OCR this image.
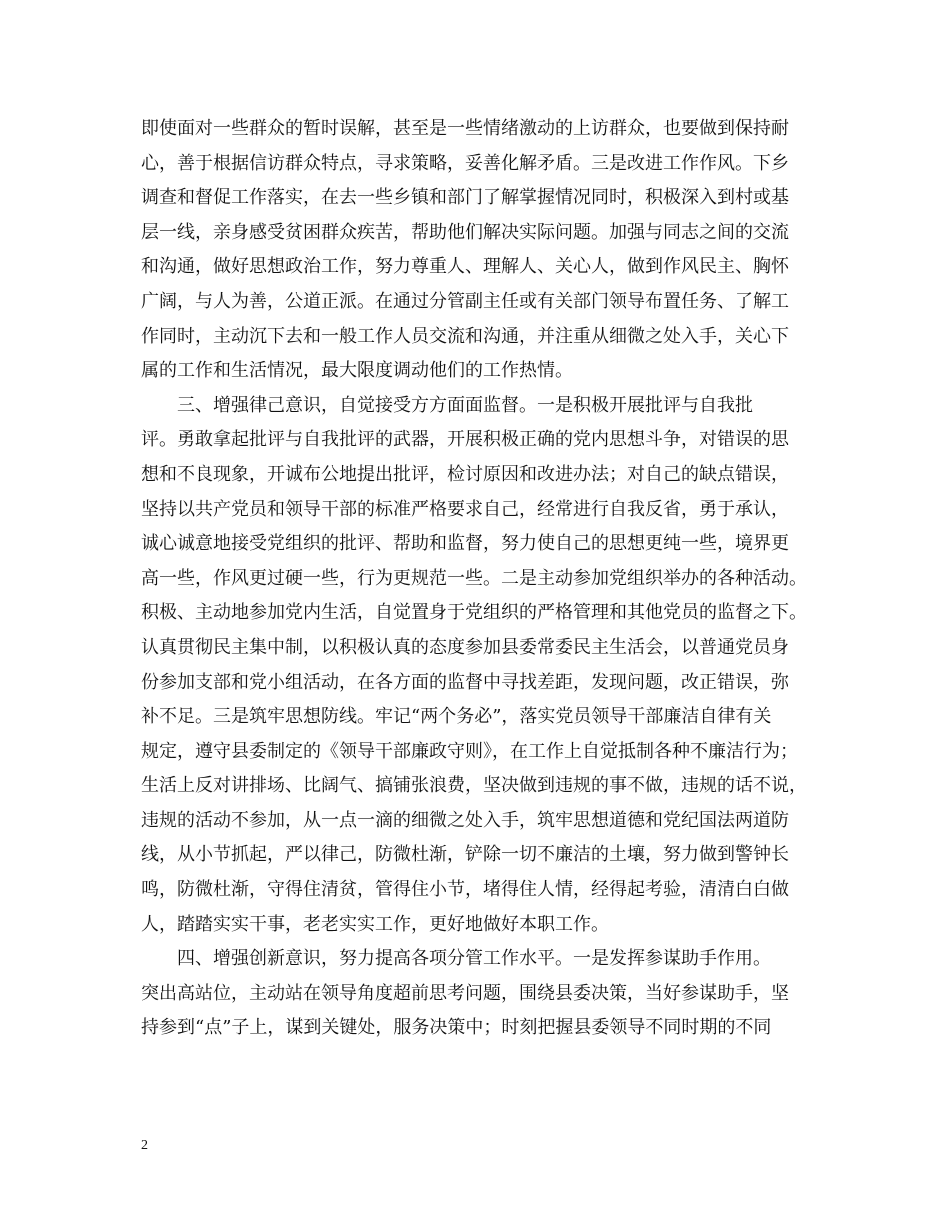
即使面对一些群众的暂时误解，甚至是一些情绪激动的上访群众，也要做到保持耐
心，善于根据信访群众特点，寻求策略，妥善化解矛盾。三是改进工作作风。下乡
调查和督促工作落实，在去一些乡镇和部门了解掌握情况同时，积极深入到村或基
层一线，亲身感受贫困群众疾苦，帮助他们解决实际问题。加强与同志之间的交流
和沟通，做好思想政治工作，努力尊重人、理解人、关心人，做到作风民主、胸怀
广阔，与人为善，公道正派。在通过分管副主任或有关部门领导布置任务、了解工
作同时，主动沉下去和一般工作人员交流和沟通，并注重从细微之处入手，关心下
属的工作和生活情况，最大限度调动他们的工作热情。
三、增强律己意识，自觉接受方方面面监督。一是积极开展批评与自我批
评。勇敢拿起批评与自我批评的武器，开展积极正确的党内思想斗争，对错误的思
想和不良现象，开诚布公地提出批评，检讨原因和改进办法；对自己的缺点错误，
坚持以共产党员和领导干部的标准严格要求自己，经常进行自我反省，勇于承认，
诚心诚意地接受党组织的批评、帮助和监督，努力使自己的思想更纯一些，境界更
高一些，作风更过硬一些，行为更规范一些。二是主动参加党组织举办的各种活动。
积极、主动地参加党内生活，自觉置身于党组织的严格管理和其他党员的监督之下。
认真贯彻民主集中制，以积极认真的态度参加县委常委民主生活会，以普通党员身
份参加支部和党小组活动，在各方面的监督中寻找差距，发现问题，改正错误，弥
补不足。三是筑牢思想防线。牢记“两个务必”，落实党员领导干部廉洁自律有关
规定，遵守县委制定的《领导干部廉政守则》，在工作上自觉抵制各种不廉洁行为；
生活上反对讲排场、比阔气、搞铺张浪费，坚决做到违规的事不做，违规的话不说，
违规的活动不参加，从一点一滴的细微之处入手，筑牢思想道德和党纪国法两道防
线，从小节抓起，严以律己，防微杜渐，铲除一切不廉洁的土壤，努力做到警钟长
鸣，防微杜渐，守得住清贫，管得住小节，堵得住人情，经得起考验，清清白白做
人，踏踏实实干事，老老实实工作，更好地做好本职工作。
四、增强创新意识，努力提高各项分管工作水平。一是发挥参谋助手作用。
突出高站位，主动站在领导角度超前思考问题，围绕县委决策，当好参谋助手，坚
持参到“点”子上，谋到关键处，服务决策中；时刻把握县委领导不同时期的不同
2
